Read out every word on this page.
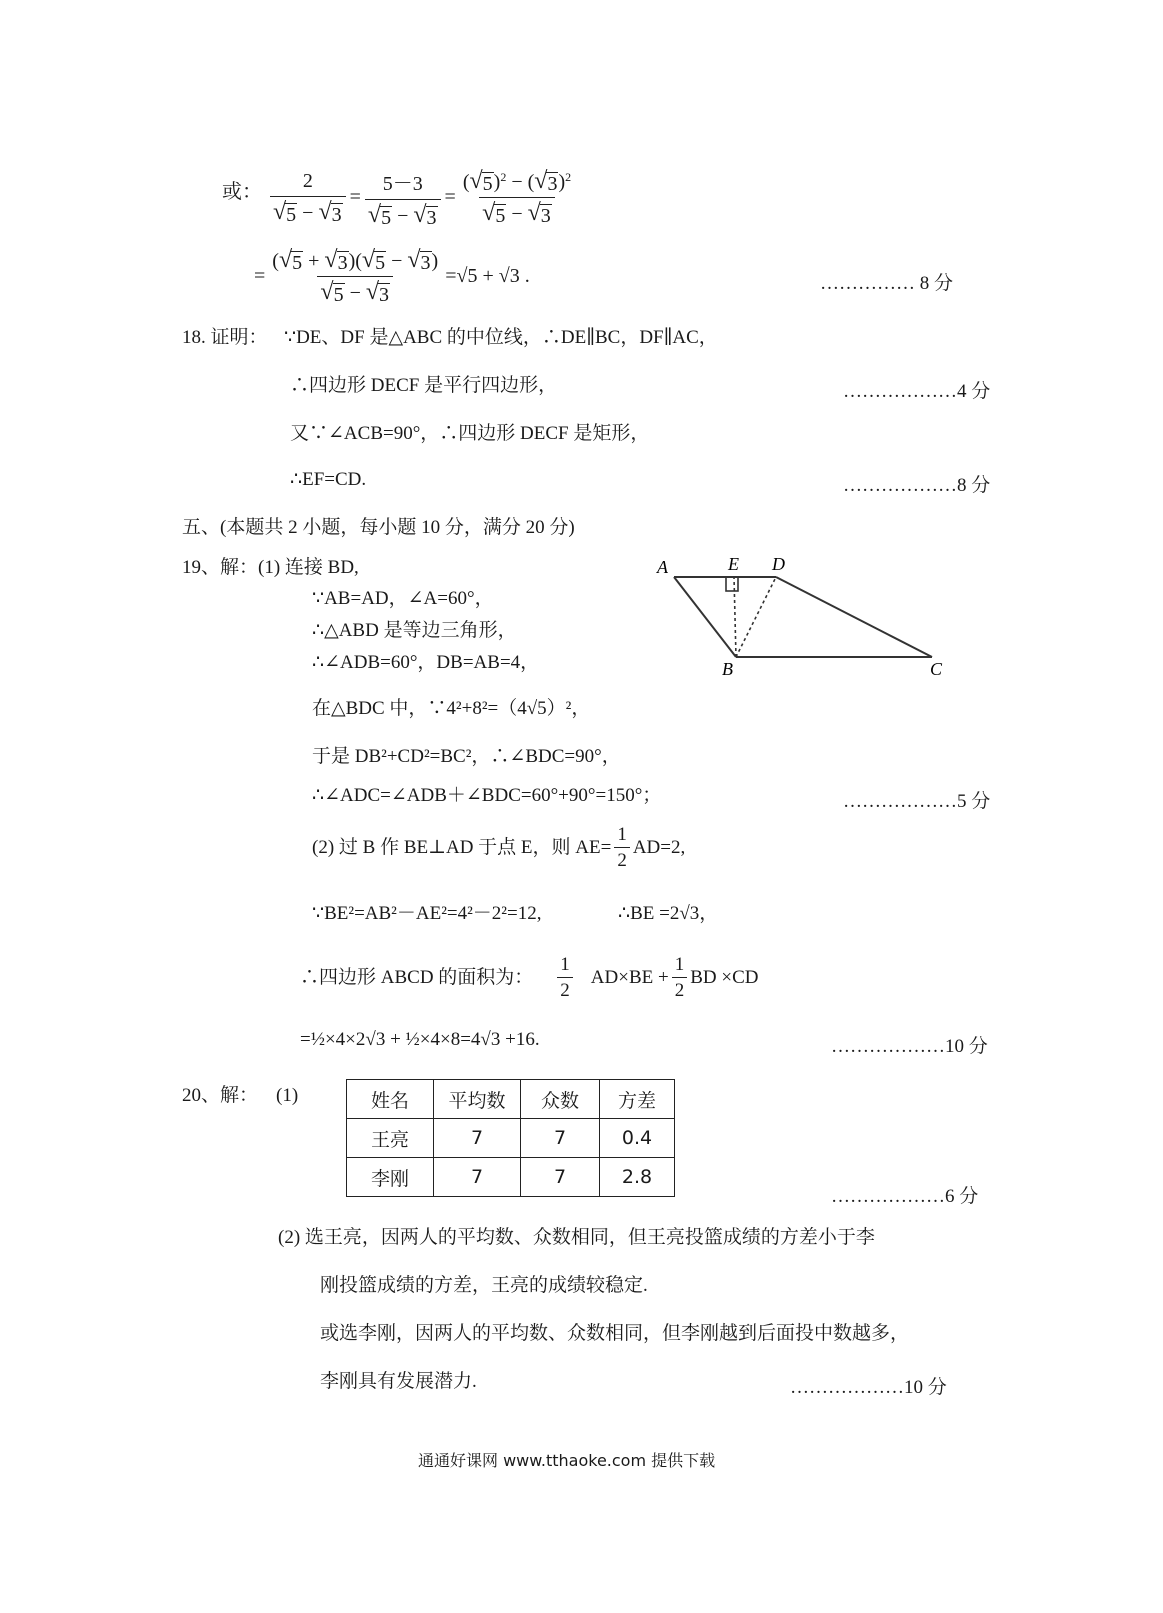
或： $\frac{2}{√ 5 - √ 3} = \frac{5-3}{√ 5 - √ 3} = \frac{( √ 5 )^2 - ( √ 3 )^2}{√ 5 - √ 3}$
= $\frac{( √ 5 + √ 3 )( √ 5 - √ 3 )}{√ 5 - √ 3} =√5 + √3$ .	…………… 8 分
18. 证明： ∵DE、DF 是△ABC 的中位线，∴DE∥BC，DF∥AC，
∴四边形 DECF 是平行四边形，	………………4 分
又∵∠ACB=90°，∴四边形 DECF 是矩形，
∴EF=CD.	………………8 分
五、(本题共 2 小题，每小题 10 分，满分 20 分)
19、解：(1) 连接 BD,
∵AB=AD，∠A=60°，
∴△ABD 是等边三角形，
∴∠ADB=60°，DB=AB=4，
在△BDC 中，∵4²+8²=（4√5）²，
于是 DB²+CD²=BC²，∴∠BDC=90°，
∴∠ADC=∠ADB＋∠BDC=60°+90°=150°；	………………5 分
A	E D
B	C
(2) 过 B 作 BE⊥AD 于点 E，则 $AE= \frac{1}{2} AD=2$,
∵BE²=AB²－AE²=4²－2²=12,	∴BE =2√3，
∴四边形 ABCD 的面积为： $\frac{1}{2} AD\times BE + \frac{1}{2}$ BD ×CD
=½×4×2√3 + ½×4×8=4√3 +16.	………………10 分
20、解： (1)	姓名	平均数	众数	方差
王亮	7	7	0.4
李刚	7	7	2.8
………………6 分
(2) 选王亮，因两人的平均数、众数相同，但王亮投篮成绩的方差小于李
刚投篮成绩的方差，王亮的成绩较稳定.
或选李刚，因两人的平均数、众数相同，但李刚越到后面投中数越多，
李刚具有发展潜力.	………………10 分
通通好课网 www.tthaoke.com 提供下载
